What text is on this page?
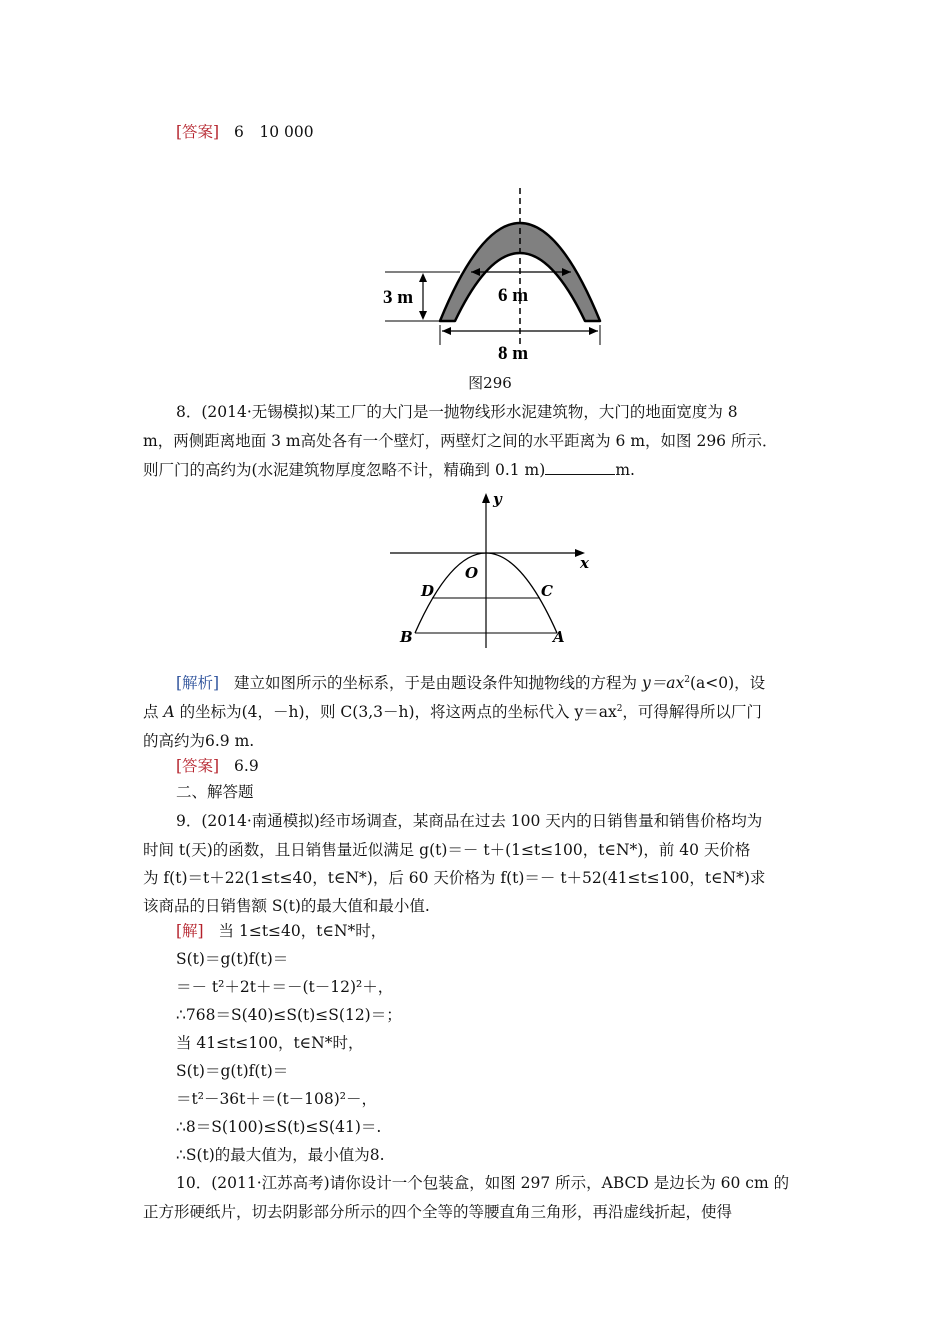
[答案] 6　10 000
3 m	6 m
8 m
图296
8．(2014·无锡模拟)某工厂的大门是一抛物线形水泥建筑物，大门的地面宽度为 8
m，两侧距离地面 3 m高处各有一个壁灯，两壁灯之间的水平距离为 6 m，如图 296 所示．
则厂门的高约为(水泥建筑物厚度忽略不计，精确到 0.1 m)	m.
y
x
O
D	C
B	A
[解析] 建立如图所示的坐标系，于是由题设条件知抛物线的方程为 $y=ax^2(a<0)$，设
点 A 的坐标为(4，－h)，则 C(3,3－h)，将这两点的坐标代入 $y=ax^2$，可得解得所以厂门
的高约为6.9 m.
[答案] 6.9
二、解答题
9．(2014·南通模拟)经市场调查，某商品在过去 100 天内的日销售量和销售价格均为
时间 t(天)的函数，且日销售量近似满足 g(t)＝－ t＋(1≤t≤100，t∈N*)，前 40 天价格
为 f(t)＝t＋22(1≤t≤40，t∈N*)，后 60 天价格为 f(t)＝－ t＋52(41≤t≤100，t∈N*)求
该商品的日销售额 S(t)的最大值和最小值.
[解] 当 1≤t≤40，t∈N*时，
S(t)＝g(t)f(t)＝
＝－ t²＋2t＋＝－(t－12)²＋，
∴768＝S(40)≤S(t)≤S(12)＝；
当 41≤t≤100，t∈N*时，
S(t)＝g(t)f(t)＝
＝t²－36t＋＝(t－108)²－，
∴8＝S(100)≤S(t)≤S(41)＝.
∴S(t)的最大值为，最小值为8.
10．(2011·江苏高考)请你设计一个包装盒，如图 297 所示，ABCD 是边长为 60 cm 的
正方形硬纸片，切去阴影部分所示的四个全等的等腰直角三角形，再沿虚线折起，使得
